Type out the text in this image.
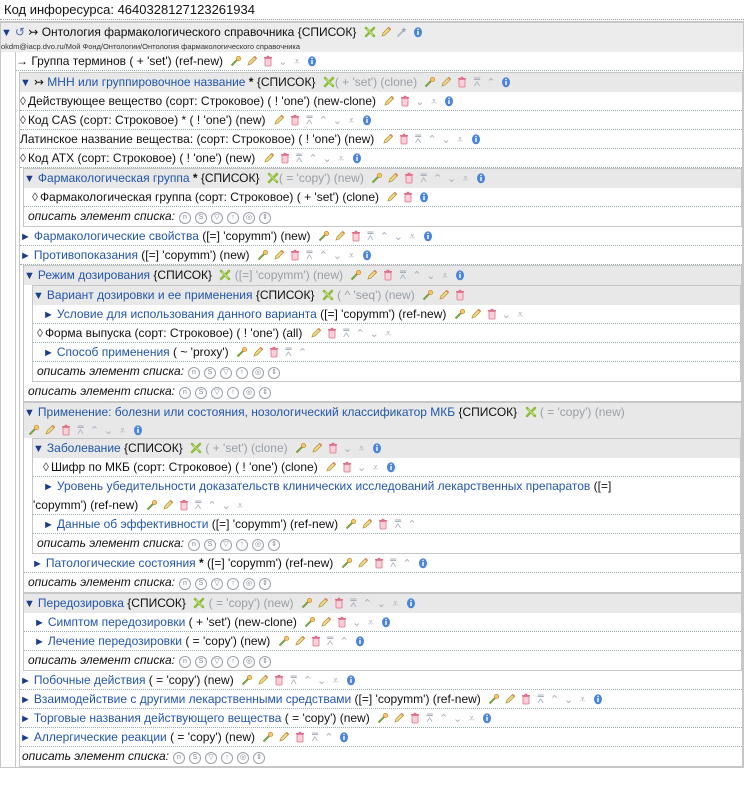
Код инфоресурса: 4640328127123261934
▼ ↺ ↣ Онтология фармакологического справочника {СПИСОК}
okdm@iacp.dvo.ru/Мой Фонд/Онтологии/Онтология фармакологического справочника
→ Группа терминов ( + 'set') (ref-new)	⌄ ⩡
▼ ↣ МНН или группировочное название * {СПИСОК} ( + 'set') (clone)	⩞ ⌃
◊ Действующее вещество (сорт: Строковое) ( ! 'one') (new-clone)	⌄ ⩡
◊ Код CAS (сорт: Строковое) * ( ! 'one') (new)	⩞ ⌃ ⌄ ⩡
Латинское название вещества: (сорт: Строковое) ( ! 'one') (new)	⩞ ⌃ ⌄ ⩡
◊ Код ATX (сорт: Строковое) ( ! 'one') (new)	⩞ ⌃ ⌄ ⩡
▼ Фармакологическая группа * {СПИСОК} ( = 'copy') (new)	⩞ ⌃ ⌄ ⩡
◊ Фармакологическая группа (сорт: Строковое) ( + 'set') (clone)
описать элемент списка: n S ▽ ↑ ◎ ⇕
► Фармакологические свойства ([=] 'copymm') (new)	⩞ ⌃ ⌄ ⩡
► Противопоказания ([=] 'copymm') (new)	⩞ ⌃ ⌄ ⩡
▼ Режим дозирования {СПИСОК}
([=] 'copymm') (new)	⩞ ⌃ ⌄ ⩡
▼ Вариант дозировки и ее применения {СПИСОК}
( ^ 'seq') (new)
► Условие для использования данного варианта ([=] 'copymm') (ref-new)	⌄ ⩡
◊ Форма выпуска (сорт: Строковое) ( ! 'one') (all)	⩞ ⌃ ⌄ ⩡
► Способ применения ( ~ 'proxy')	⩞ ⌃
описать элемент списка: n S ▽ ↑ ◎ ⇕
описать элемент списка: n S ▽ ↑ ◎ ⇕
▼ Применение: болезни или состояния, нозологический классификатор МКБ {СПИСОК}
( = 'copy') (new)
⩞ ⌃ ⌄ ⩡
▼ Заболевание {СПИСОК}
( + 'set') (clone)	⌄ ⩡
◊ Шифр по МКБ (сорт: Строковое) ( ! 'one') (clone)	⌄ ⩡
► Уровень убедительности доказательств клинических исследований лекарственных препаратов ([=]
'copymm') (ref-new)	⩞ ⌃ ⌄ ⩡
► Данные об эффективности ([=] 'copymm') (ref-new)	⩞ ⌃
описать элемент списка: n S ▽ ↑ ◎ ⇕
► Патологические состояния * ([=] 'copymm') (ref-new)	⩞ ⌃
описать элемент списка: n S ▽ ↑ ◎ ⇕
▼ Передозировка {СПИСОК}
( = 'copy') (new)	⩞ ⌃ ⌄ ⩡
► Симптом передозировки ( + 'set') (new-clone)	⌄ ⩡
► Лечение передозировки ( = 'copy') (new)	⩞ ⌃
описать элемент списка: n S ▽ ↑ ◎ ⇕
► Побочные действия ( = 'copy') (new)	⩞ ⌃ ⌄ ⩡
► Взаимодействие с другими лекарственными средствами ([=] 'copymm') (ref-new)	⩞ ⌃ ⌄ ⩡
► Торговые названия действующего вещества ( = 'copy') (new)	⩞ ⌃ ⌄ ⩡
► Аллергические реакции ( = 'copy') (new)	⩞ ⌃
описать элемент списка: n S ▽ ↑ ◎ ⇕
